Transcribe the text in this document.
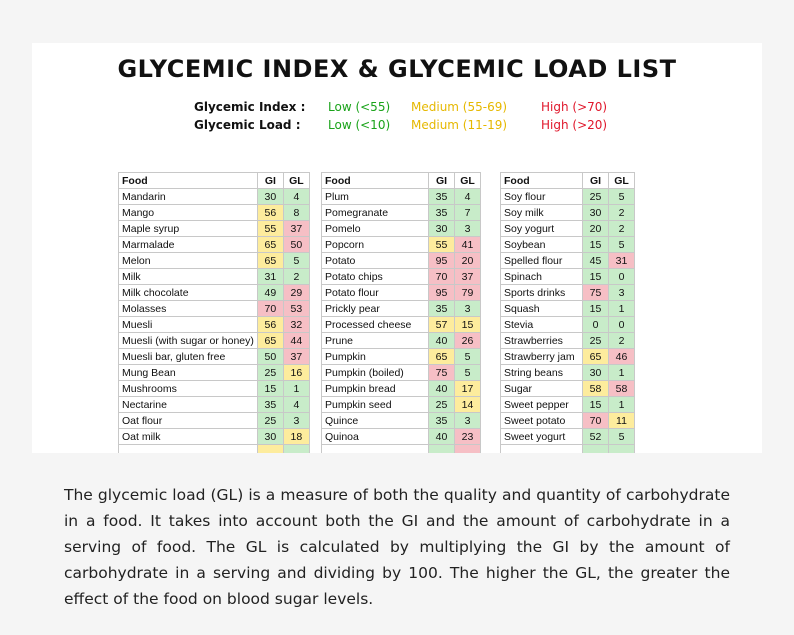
GLYCEMIC INDEX & GLYCEMIC LOAD LIST
Glycemic Index : Low (<55) Medium (55-69)	High (>70)
Glycemic Load : Low (<10) Medium (11-19)	High (>20)
Food	GI	GL
Mandarin	30	4
Mango	56	8
Maple syrup	55	37
Marmalade	65	50
Melon	65	5
Milk	31	2
Milk chocolate	49	29
Molasses	70	53
Muesli	56	32
Muesli (with sugar or honey)	65	44
Muesli bar, gluten free	50	37
Mung Bean	25	16
Mushrooms	15	1
Nectarine	35	4
Oat flour	25	3
Oat milk	30	18

Food	GI	GL
Plum	35	4
Pomegranate	35	7
Pomelo	30	3
Popcorn	55	41
Potato	95	20
Potato chips	70	37
Potato flour	95	79
Prickly pear	35	3
Processed cheese	57	15
Prune	40	26
Pumpkin	65	5
Pumpkin (boiled)	75	5
Pumpkin bread	40	17
Pumpkin seed	25	14
Quince	35	3
Quinoa	40	23

Food	GI	GL
Soy flour	25	5
Soy milk	30	2
Soy yogurt	20	2
Soybean	15	5
Spelled flour	45	31
Spinach	15	0
Sports drinks	75	3
Squash	15	1
Stevia	0	0
Strawberries	25	2
Strawberry jam	65	46
String beans	30	1
Sugar	58	58
Sweet pepper	15	1
Sweet potato	70	11
Sweet yogurt	52	5

The glycemic load (GL) is a measure of both the quality and quantity of carbohydrate in a food. It takes into account both the GI and the amount of carbohydrate in a serving of food. The GL is calculated by multiplying the GI by the amount of carbohydrate in a serving and dividing by 100. The higher the GL, the greater the effect of the food on blood sugar levels.
